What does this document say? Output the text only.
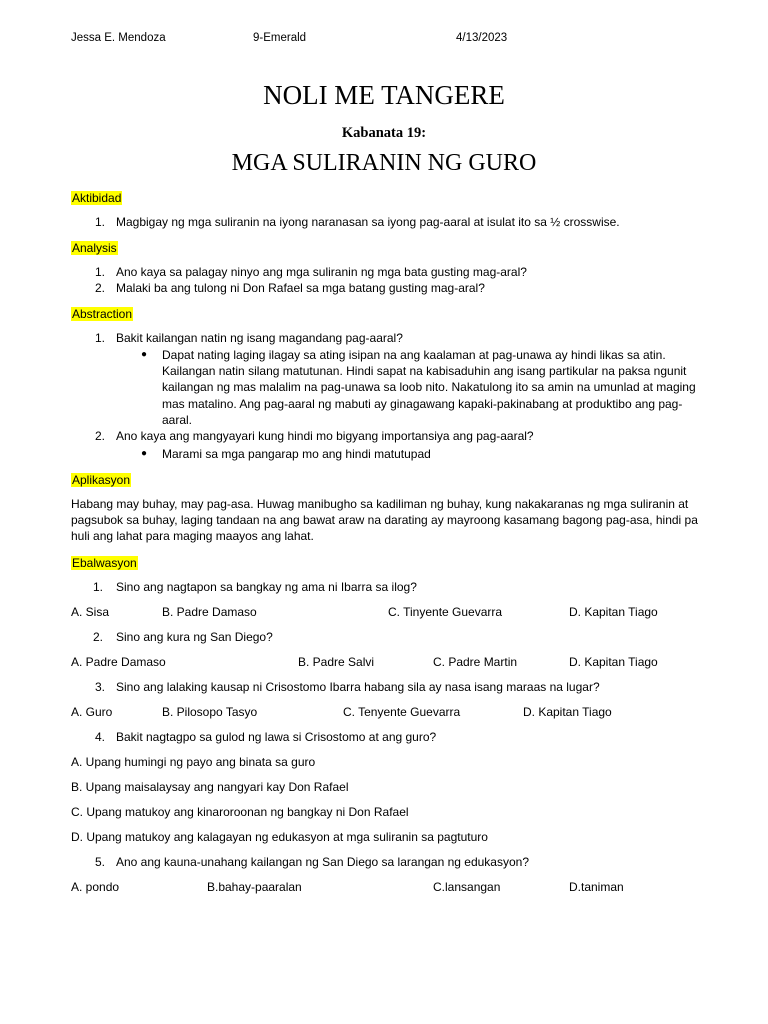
Jessa E. Mendoza	9-Emerald	4/13/2023
NOLI ME TANGERE
Kabanata 19:
MGA SULIRANIN NG GURO
Aktibidad
1. Magbigay ng mga suliranin na iyong naranasan sa iyong pag-aaral at isulat ito sa ½ crosswise.
Analysis
1. Ano kaya sa palagay ninyo ang mga suliranin ng mga bata gusting mag-aral?
2. Malaki ba ang tulong ni Don Rafael sa mga batang gusting mag-aral?
Abstraction
1. Bakit kailangan natin ng isang magandang pag-aaral?
● Dapat nating laging ilagay sa ating isipan na ang kaalaman at pag-unawa ay hindi likas sa atin. Kailangan natin silang matutunan. Hindi sapat na kabisaduhin ang isang partikular na paksa ngunit kailangan ng mas malalim na pag-unawa sa loob nito. Nakatulong ito sa amin na umunlad at maging mas matalino. Ang pag-aaral ng mabuti ay ginagawang kapaki-pakinabang at produktibo ang pag-aaral.
2. Ano kaya ang mangyayari kung hindi mo bigyang importansiya ang pag-aaral?
● Marami sa mga pangarap mo ang hindi matutupad
Aplikasyon
Habang may buhay, may pag-asa. Huwag manibugho sa kadiliman ng buhay, kung nakakaranas ng mga suliranin at pagsubok sa buhay, laging tandaan na ang bawat araw na darating ay mayroong kasamang bagong pag-asa, hindi pa huli ang lahat para maging maayos ang lahat.
Ebalwasyon
1. Sino ang nagtapon sa bangkay ng ama ni Ibarra sa ilog?
A. Sisa	B. Padre Damaso	C. Tinyente Guevarra	D. Kapitan Tiago
2. Sino ang kura ng San Diego?
A. Padre Damaso	B. Padre Salvi	C. Padre Martin	D. Kapitan Tiago
3. Sino ang lalaking kausap ni Crisostomo Ibarra habang sila ay nasa isang maraas na lugar?
A. Guro	B. Pilosopo Tasyo	C. Tenyente Guevarra	D. Kapitan Tiago
4. Bakit nagtagpo sa gulod ng lawa si Crisostomo at ang guro?
A. Upang humingi ng payo ang binata sa guro
B. Upang maisalaysay ang nangyari kay Don Rafael
C. Upang matukoy ang kinaroroonan ng bangkay ni Don Rafael
D. Upang matukoy ang kalagayan ng edukasyon at mga suliranin sa pagtuturo
5. Ano ang kauna-unahang kailangan ng San Diego sa larangan ng edukasyon?
A. pondo	B.bahay-paaralan	C.lansangan	D.taniman
